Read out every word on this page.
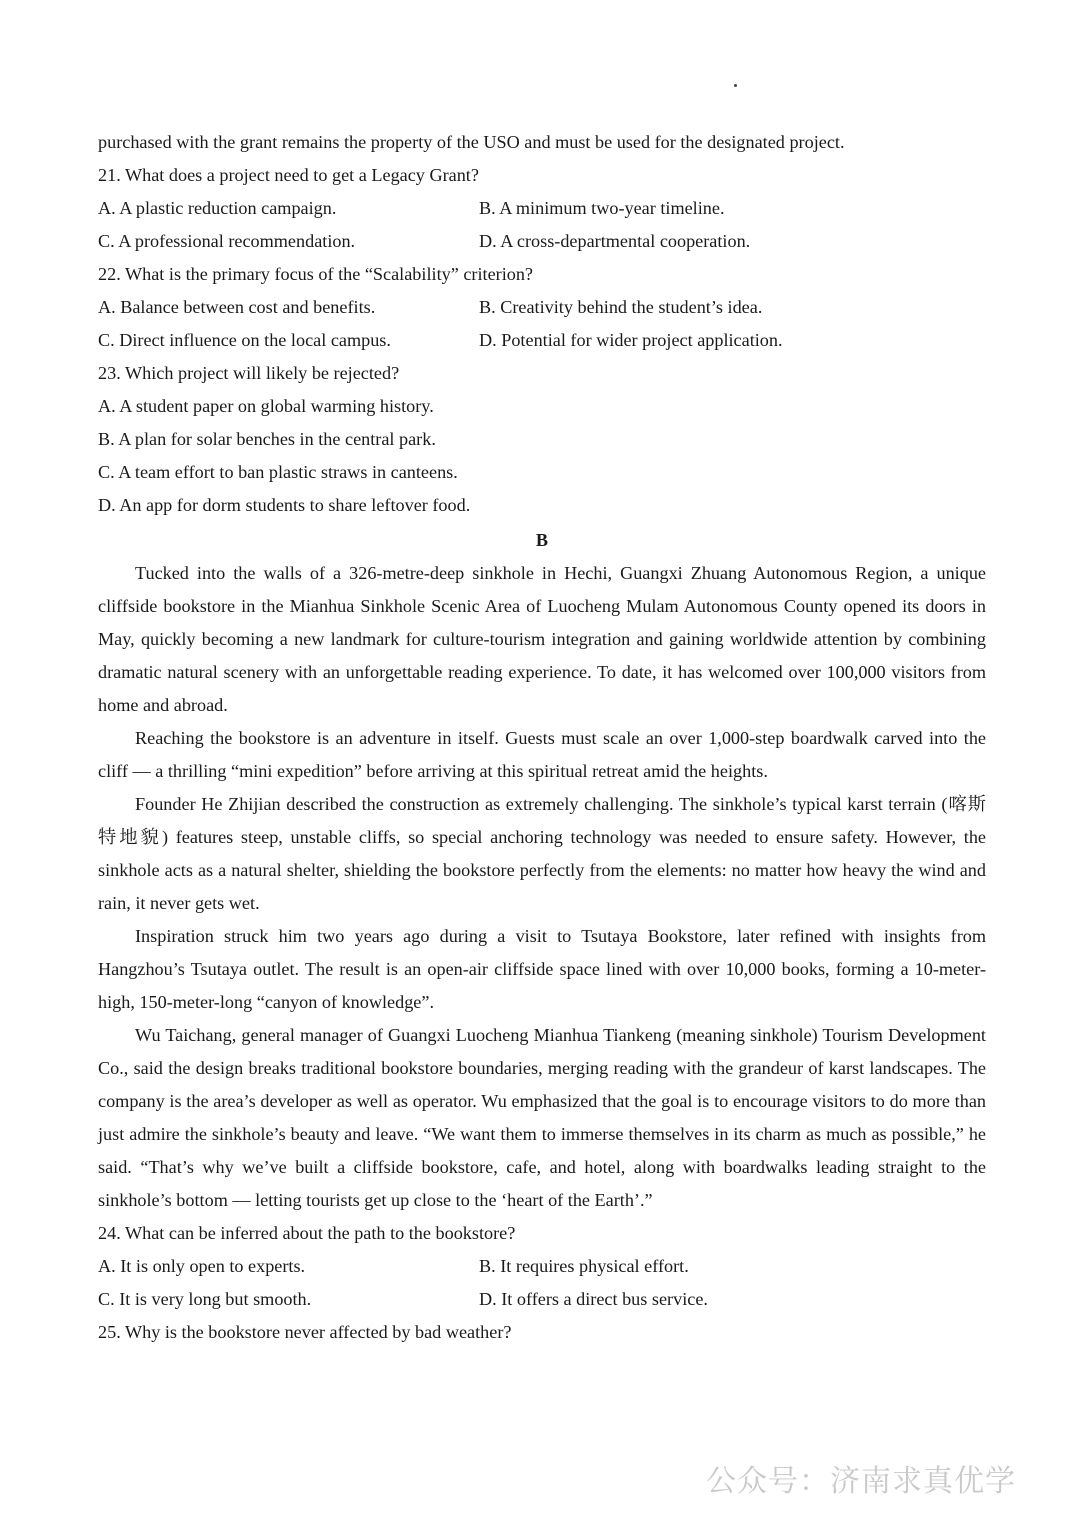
purchased with the grant remains the property of the USO and must be used for the designated project.
21. What does a project need to get a Legacy Grant?
A. A plastic reduction campaign.	B. A minimum two-year timeline.
C. A professional recommendation.	D. A cross-departmental cooperation.
22. What is the primary focus of the “Scalability” criterion?
A. Balance between cost and benefits.	B. Creativity behind the student’s idea.
C. Direct influence on the local campus.	D. Potential for wider project application.
23. Which project will likely be rejected?
A. A student paper on global warming history.
B. A plan for solar benches in the central park.
C. A team effort to ban plastic straws in canteens.
D. An app for dorm students to share leftover food.
B
Tucked into the walls of a 326-metre-deep sinkhole in Hechi, Guangxi Zhuang Autonomous Region, a unique cliffside bookstore in the Mianhua Sinkhole Scenic Area of Luocheng Mulam Autonomous County opened its doors in May, quickly becoming a new landmark for culture-tourism integration and gaining worldwide attention by combining dramatic natural scenery with an unforgettable reading experience. To date, it has welcomed over 100,000 visitors from home and abroad.
Reaching the bookstore is an adventure in itself. Guests must scale an over 1,000-step boardwalk carved into the cliff — a thrilling “mini expedition” before arriving at this spiritual retreat amid the heights.
Founder He Zhijian described the construction as extremely challenging. The sinkhole’s typical karst terrain (喀斯特地貌) features steep, unstable cliffs, so special anchoring technology was needed to ensure safety. However, the sinkhole acts as a natural shelter, shielding the bookstore perfectly from the elements: no matter how heavy the wind and rain, it never gets wet.
Inspiration struck him two years ago during a visit to Tsutaya Bookstore, later refined with insights from Hangzhou’s Tsutaya outlet. The result is an open-air cliffside space lined with over 10,000 books, forming a 10-meter-high, 150-meter-long “canyon of knowledge”.
Wu Taichang, general manager of Guangxi Luocheng Mianhua Tiankeng (meaning sinkhole) Tourism Development Co., said the design breaks traditional bookstore boundaries, merging reading with the grandeur of karst landscapes. The company is the area’s developer as well as operator. Wu emphasized that the goal is to encourage visitors to do more than just admire the sinkhole’s beauty and leave. “We want them to immerse themselves in its charm as much as possible,” he said. “That’s why we’ve built a cliffside bookstore, cafe, and hotel, along with boardwalks leading straight to the sinkhole’s bottom — letting tourists get up close to the ‘heart of the Earth’.”
24. What can be inferred about the path to the bookstore?
A. It is only open to experts.	B. It requires physical effort.
C. It is very long but smooth.	D. It offers a direct bus service.
25. Why is the bookstore never affected by bad weather?
公众号：济南求真优学
